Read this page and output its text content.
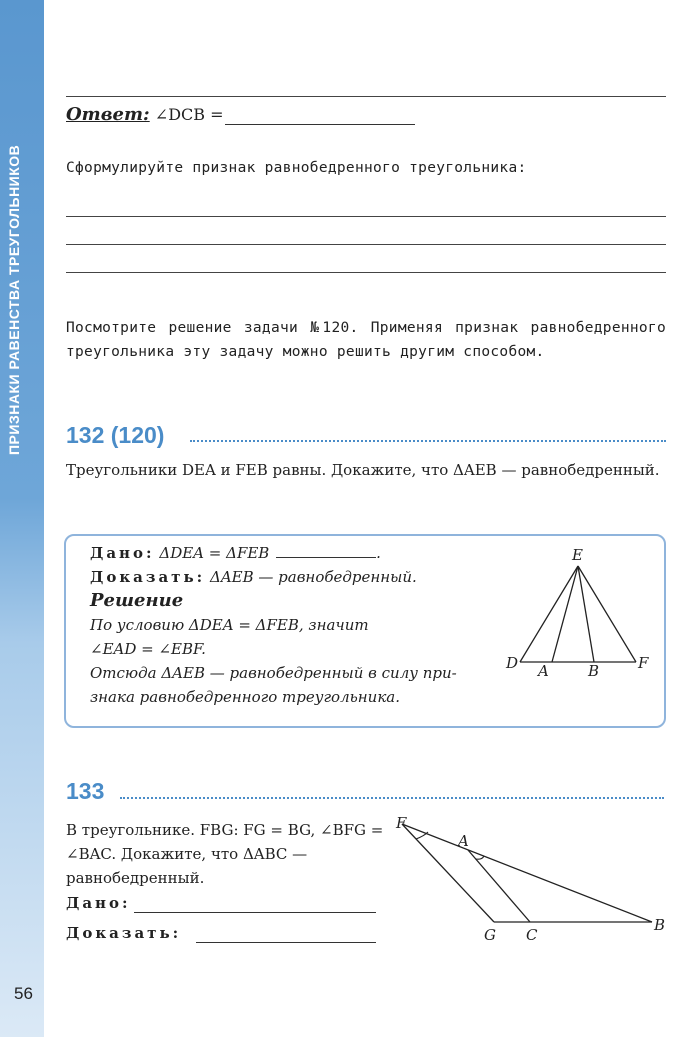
ПРИЗНАКИ РАВЕНСТВА ТРЕУГОЛЬНИКОВ
56
Ответ: ∠DCB =
Сформулируйте признак равнобедренного треугольника:
Посмотрите решение задачи №120. Применяя признак равнобедренного треугольника эту задачу можно решить другим способом.
132 (120)
Треугольники DEA и FEB равны. Докажите, что ΔAEB — равнобедренный.
Дано: ΔDEA = ΔFEB	.
Доказать: ΔAEB — равнобедренный.
Решение
По условию ΔDEA = ΔFEB, значит
∠EAD = ∠EBF.
Отсюда ΔAEB — равнобедренный в силу при-
знака равнобедренного треугольника.
E
D A	B	F
133
В треугольнике. FBG: FG = BG, ∠BFG = ∠BAC. Докажите, что ΔABC — равнобедренный.
Дано:
Доказать:
F
A
G C
B
